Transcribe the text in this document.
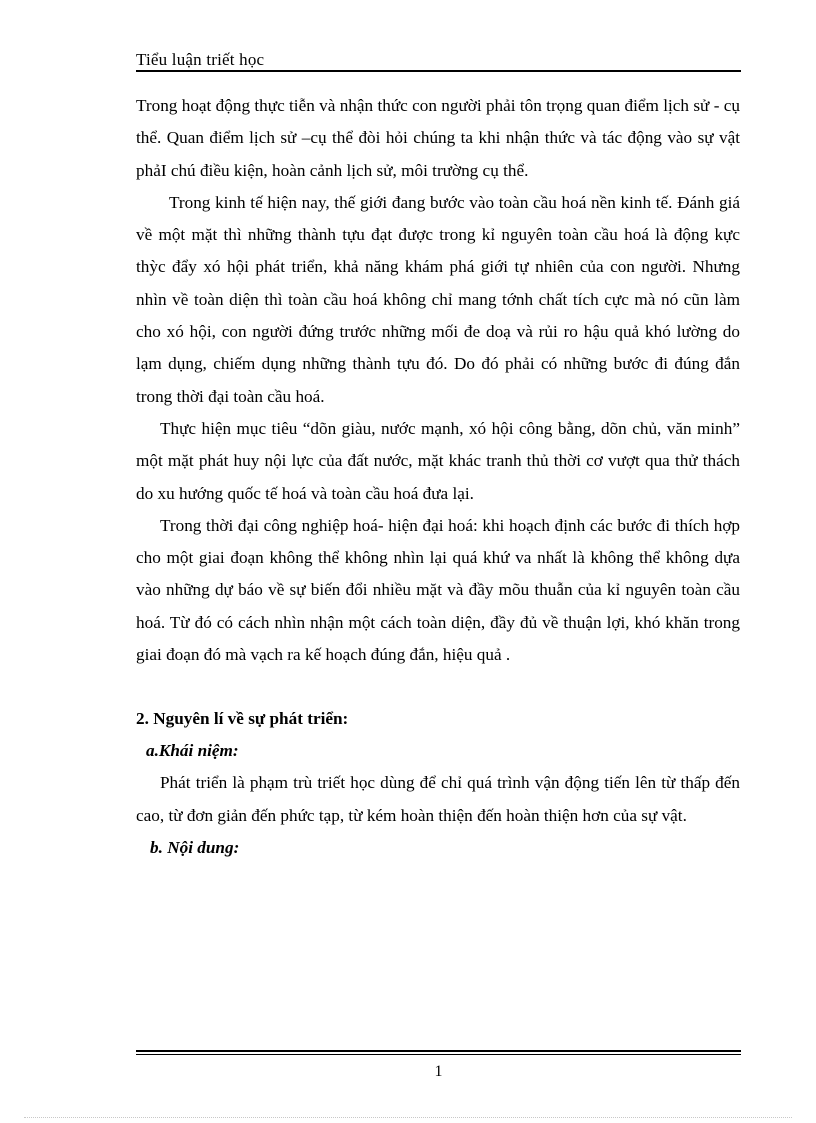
Tiểu luận triết học

Trong hoạt động thực tiễn và nhận thức con người phải tôn trọng quan điểm lịch sử - cụ thể. Quan điểm lịch sử –cụ thể đòi hỏi chúng ta khi nhận thức và tác động vào sự vật phảI chú điều kiện, hoàn cảnh lịch sử, môi trường cụ thể.

Trong kinh tế hiện nay, thế giới đang bước vào toàn cầu hoá nền kinh tế. Đánh giá về một mặt thì những thành tựu đạt được trong kỉ nguyên toàn cầu hoá là động kực thỳc đẩy xó hội phát triển, khả năng khám phá giới tự nhiên của con người. Nhưng nhìn về toàn diện thì toàn cầu hoá không chỉ mang tớnh chất tích cực mà nó cũn làm cho xó hội, con người đứng trước những mối đe doạ và rủi ro hậu quả khó lường do lạm dụng, chiếm dụng những thành tựu đó. Do đó phải có những bước đi đúng đắn trong thời đại toàn cầu hoá.

Thực hiện mục tiêu “dõn giàu, nước mạnh, xó hội công bằng, dõn chủ, văn minh” một mặt phát huy nội lực của đất nước, mặt khác tranh thủ thời cơ vượt qua thử thách do xu hướng quốc tế hoá và toàn cầu hoá đưa lại.

Trong thời đại công nghiệp hoá- hiện đại hoá: khi hoạch định các bước đi thích hợp cho một giai đoạn không thể không nhìn lại quá khứ va nhất là không thể không dựa vào những dự báo về sự biến đổi nhiều mặt và đầy mõu thuẫn của kỉ nguyên toàn cầu hoá. Từ đó có cách nhìn nhận một cách toàn diện, đầy đủ về thuận lợi, khó khăn trong giai đoạn đó mà vạch ra kế hoạch đúng đắn, hiệu quả .

2. Nguyên lí về sự phát triển:
a.Khái niệm:

Phát triển là phạm trù triết học dùng để chỉ quá trình vận động tiến lên từ thấp đến cao, từ đơn giản đến phức tạp, từ kém hoàn thiện đến hoàn thiện hơn của sự vật.

b. Nội dung:
1
